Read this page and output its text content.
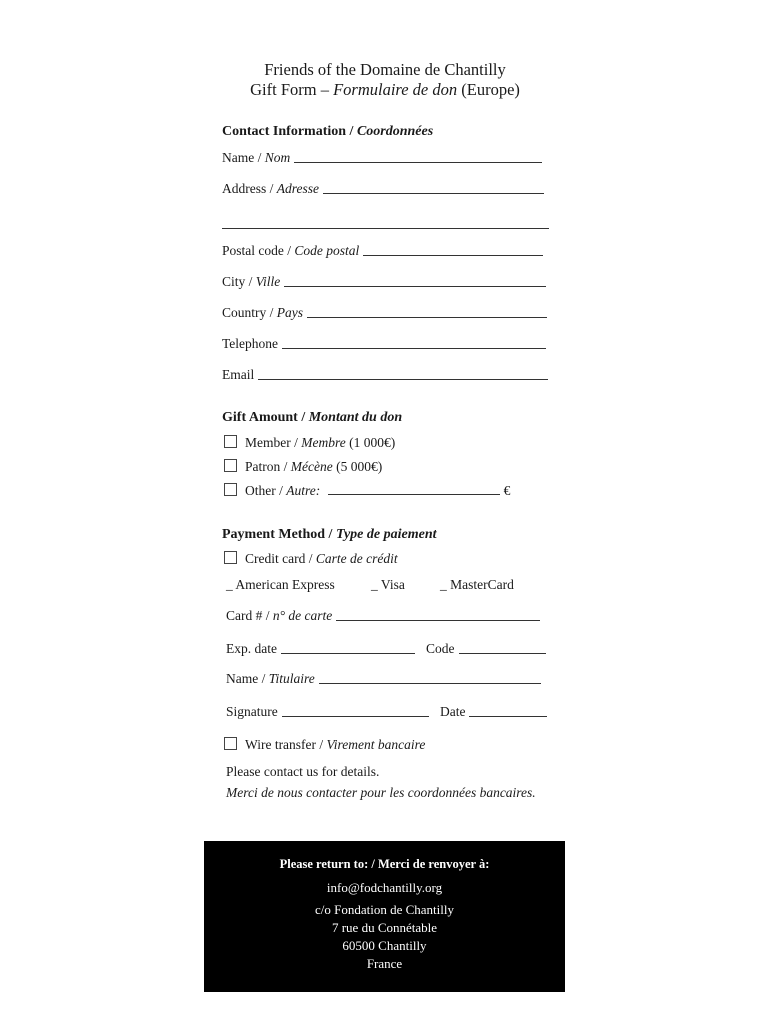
Friends of the Domaine de Chantilly
Gift Form – Formulaire de don (Europe)
Contact Information / Coordonnées
Name / Nom
Address / Adresse
Postal code / Code postal
City / Ville
Country / Pays
Telephone
Email
Gift Amount / Montant du don
Member / Membre (1 000€)
Patron / Mécène (5 000€)
Other / Autre:	€
Payment Method / Type de paiement
Credit card / Carte de crédit
_ American Express	_ Visa	_ MasterCard
Card # / n° de carte
Exp. date	Code
Name / Titulaire
Signature	Date
Wire transfer / Virement bancaire
Please contact us for details.
Merci de nous contacter pour les coordonnées bancaires.
Please return to: / Merci de renvoyer à:
info@fodchantilly.org
c/o Fondation de Chantilly
7 rue du Connétable
60500 Chantilly
France
